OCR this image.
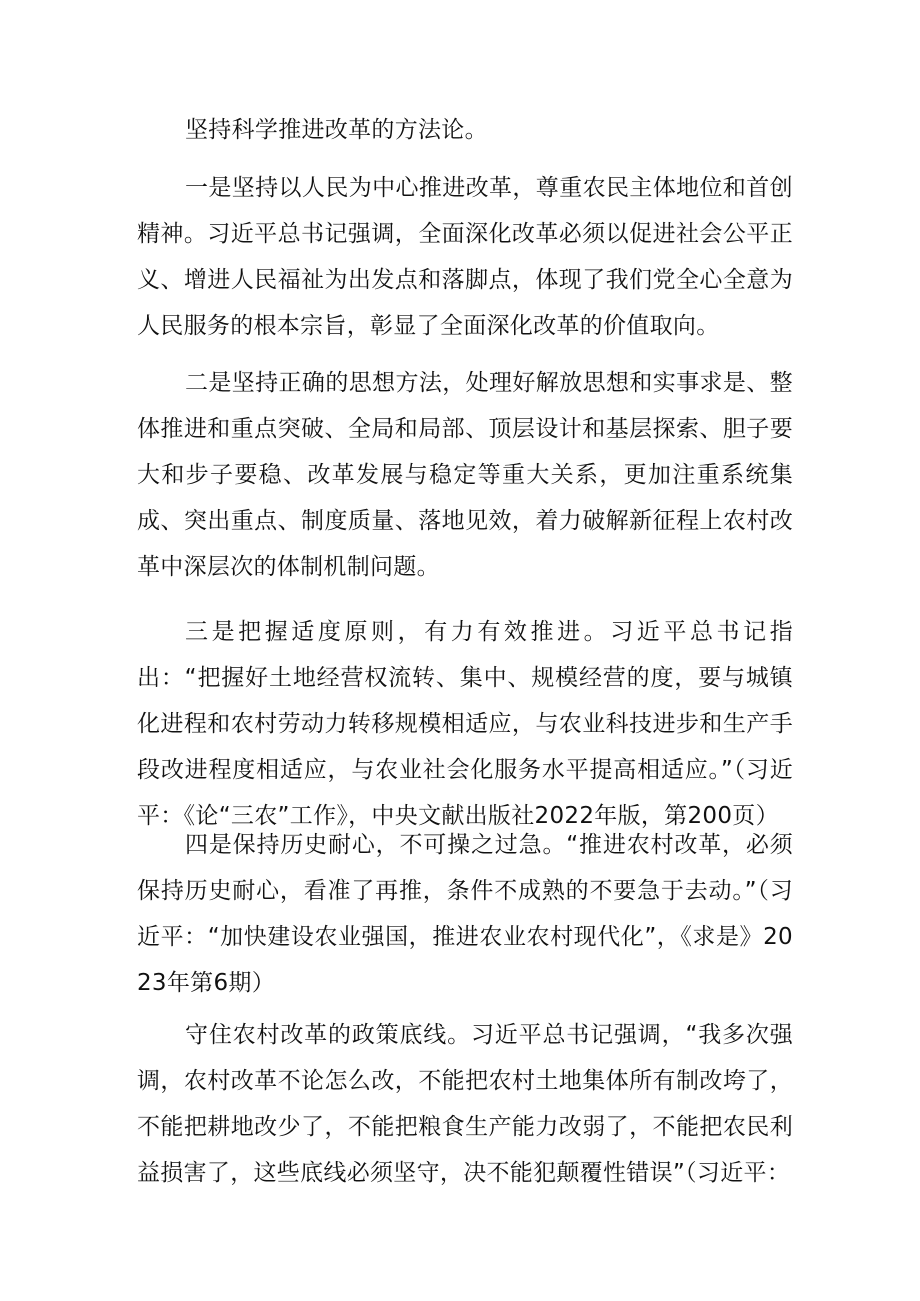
坚持科学推进改革的方法论。

一是坚持以人民为中心推进改革，尊重农民主体地位和首创精神。习近平总书记强调，全面深化改革必须以促进社会公平正义、增进人民福祉为出发点和落脚点，体现了我们党全心全意为人民服务的根本宗旨，彰显了全面深化改革的价值取向。

二是坚持正确的思想方法，处理好解放思想和实事求是、整体推进和重点突破、全局和局部、顶层设计和基层探索、胆子要大和步子要稳、改革发展与稳定等重大关系，更加注重系统集成、突出重点、制度质量、落地见效，着力破解新征程上农村改革中深层次的体制机制问题。

三是把握适度原则，有力有效推进。习近平总书记指出：“把握好土地经营权流转、集中、规模经营的度，要与城镇化进程和农村劳动力转移规模相适应，与农业科技进步和生产手段改进程度相适应，与农业社会化服务水平提高相适应。”（习近平：《论“三农”工作》，中央文献出版社2022年版，第200页）

四是保持历史耐心，不可操之过急。“推进农村改革，必须保持历史耐心，看准了再推，条件不成熟的不要急于去动。”（习近平：“加快建设农业强国，推进农业农村现代化”，《求是》2023年第6期）

守住农村改革的政策底线。习近平总书记强调，“我多次强调，农村改革不论怎么改，不能把农村土地集体所有制改垮了，不能把耕地改少了，不能把粮食生产能力改弱了，不能把农民利益损害了，这些底线必须坚守，决不能犯颠覆性错误”（习近平：
